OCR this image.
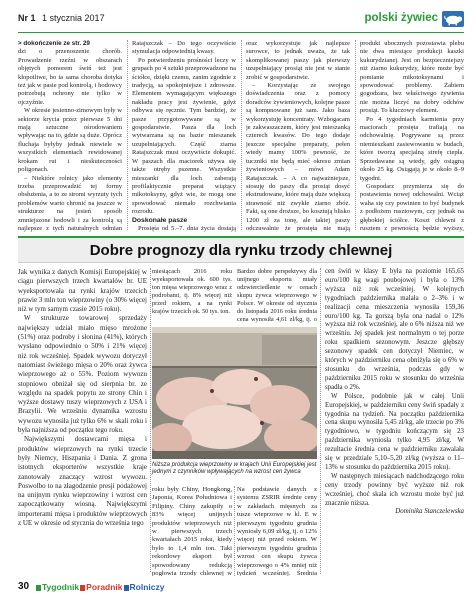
Nr 1 1 stycznia 2017	polski żywiec

> dokończenie ze str. 29

dzi o przenoszenie chorób. Prowadzenie rzeźni w obszarach objętych pomorem świń też jest kłopotliwe, bo ta sama choroba dotyka też jak w pasie pod kontrolą, i hodowcy potrzebują ochrony nie tylko w ojczyźnie.

W okresie jesienno-zimowym były w sektorze krycia przez pierwsze 5 dni mają sztuczne ośrodowaniem wpływając na to, gdzie są duże. Oprócz fluchaja byłyby jednak niewiele w wszystkich elementach rewidowanej krokam rui i nieskuteczności poligonach.

– Niektóre rolnicy jako elementy trzeba przeprowadzić tej formy obsłużenia, a to ze stromi wyrzuty tych problemów warto chronić na jeszcze w strukturze na jesień sposób zmniejszone hodowli i za kontrolą są najlepsze z tych naturalnych odmian

Ratajszczak – Do tego oczywiście stymulacja odpowiednią kwasy.

Po potwierdzeniu prośności leczy w grupach po 4 sztuki przeprowadzone na ściółce, dzięki czemu, zanim zgodnie z tradycją, sa spokojniejsze i zdrowsze. Elementem wymagającym większego nakładu pracy jest żywienie, gdyż odbywa się ręcznie. Tym bardziej, że pasze przygotowywane są w gospodarstwie. Pasza dla loch wytwarzana są na bazie mieszanek uzupełniających. Część ziarna Ratajszczak musi oczywiście dokupić. W paszach dla maciorek używa się także otręby pszenne. Wszystkie mieszanki dla loch zaberają profilaktycznie preparat wiążący mikotoksyny, gdyż wie, że mogą one spowodować niemało rozchwiania rozrodu.

Doskonałe pasze

Prosięta od 5.–7. dnia życia dostają

oraz wykorzystuje jak najlepsze surowce, to jednak uważa, że tak skomplikowanej paszy jak pierwszy uzupełniający prosiąt nie jest w stanie zrobić w gospodarstwie.

– Korzystając ze swojego doświadczenia oraz z pomocy doradców żywieniowych, kolejne pasze są kompnowane już sam. Jako baza wykorzystuję koncentraty. Wzbogacam je zakwaszaczem, który jest mieszanką czterech kwasów. Do tego dodaje jeszcze specjalne preparaty, pełen wtedy mamy 100% pewność, że tuczniki nie będą mieć okresu zmian żywieniowych – mówi Adam Ratajszczak. – A co najważniejsze, stosuję do paszy dla prosiąt dosyć ekstrudowane, które mają duże większą strawność niż zwykłe ziarno zbóż. Fakt, są one droższe, bo kosztują blisko 1200 zł za tonę, ale takiej paszy odczuwalnie że prosięta nie mają

produkt ubocznych pozostawia plebu nie dwa miesiące produkcji kaszki kukurydzianej. Jest on bezpieczniejszy niż ziarno kukurydzy, które może być pomianie mikotoksynami i spowodować problemy. Żabiem gogodzara, bez właściwego żywienia nie można liczyć na dobry odchów prosiąt. To kluczowy element.

Po 4 tygodniach karmienia przy maciorach prosięta trafiają na odchowalnię. Pogrywane są przez niemieszkani zasiewowaniu w budach, które tworzą specjalną strefę ciepła. Sprzedawane są wtedy, gdy osiągną około 25 kg. Osiągają je w około 8–9 tygodni.

Gospodarz przymierza się do postawienia nowej odchowalni. Wciąż waha się czy powinien to być budynek z podłożem rusztowym, czy jednak na głębokiej ściółce. Koszt chlewni z rusztem z pewnością będzie wyższy,

Dobre prognozy dla rynku trzody chlewnej

Jak wynika z danych Komisji Europejskiej w ciągu pierwszych trzech kwartałów br. UE wyeksportowała na rynki krajów trzecich prawie 3 mln ton wieprzowiny (o 30% więcej niż w tym samym czasie 2015 roku).

W strukturze towarowej sprzedaży największy udział miało mięso mrożone (51%) oraz podroby i słonina (41%), których wysłano odpowiednio o 50% i 21% więcej niż rok wcześniej. Spadek wywozu dotyczył natomiast świeżego mięsa o 20% oraz żywca wieprzowego aż o 55%. Poziom wywozu stopniowo obniżał się od sierpnia br. ze względu na spadek popytu ze strony Chin i wyższe dostawy tuszy wieprzowych z USA i Brazylii. We wrześniu dynamika wzrostu wywozu wynosiła już tylko 6% w skali roku i była najniższa od początku tego roku.

Największymi dostawcami mięsa i produktów wieprzowych na rynki trzecie były Niemcy, Hiszpania i Dania. Z grona istotnych eksporterów wszystkie kraje zanotowały znaczący wzrost wywozu. Poswolbo to na złagodzenie presji podażowej na unijnym rynku wieprzowiny i wzrost cen zapoczątkowany wiosną. Największymi importerami mięsa i produktów wieprzowych z UE w okresie od stycznia do września tego

miesiącach 2016 roku wyeksportowała ok. 600 tys. ton mięsa wieprzowego wraz z podrobami, tj. 8% więcej niż przed rokiem, a na rynki krajów trzecich ok. 50 tys. ton.

Bardzo dobre perspektywy dla unijnego eksportu miały odzwierciedlenie w cenach skupu żywca wieprzowego w Polsce. W okresie od stycznia do listopada 2016 roku średnia cena wynosiła 4,61 zł/kg, tj. o

Niższa produkcja wieprzowiny w krajach Unii Europejskiej jest jednym z czynników wpływających na wzrost cen żywca

roku były Chiny, Hongkong, Japonia, Korea Południowa i Filipiny. Chiny zakupiły o 83% więcej unijnych produktów wieprzowych niż w pierwszych trzech kwartałach 2015 roku, kiedy było to 1,4 mln ton. Taki rekordowy eksport był spowodowany redukcją pogłowia trzody chlewnej w

Na podstawie danych z systemu ZSRIR średnie ceny w zakładach mięsnych za tusze wieprzowe w kl. E w pierwszym tygodniu grudnia wyniosły 6,09 zł/kg, tj. o 12% więcej niż przed rokiem. W pierwszym tygodniu grudnia wzrost cen skupu żywca wieprzowego o 4% mniej niż tydzień wcześniej. Średnia

cen świń w klasy E była na poziomie 165,65 euro/100 kg wagi poubojowej i była o 13% wyższa niż rok wcześniej. W kolejnych tygodniach października malała o 2–3% i w realizacji cena mieszczenia wynosiła 159,36 euro/100 kg. Ta gorszą była ona nadal o 12% wyższa niż rok wcześniej, ale o 6% niższa niż we wrześniu. Jej spadek jest normalnym o tej porze roku spadkiem sezonowym. Jeszcze głębszy sezonowy spadek cen dotyczył Niemiec, w których w październiku cena obniżyła się o 6% w stosunku do września, podczas gdy w październiku 2015 roku w stosunku do września spadła o 2%.

W Polsce, podobnie jak w całej Unii Europejskiej, w październiku ceny świń spadały z tygodnia na tydzień. Na początku października cena skupu wynosiła 5,45 zł/kg, ale trzecie po 3% tygodniowo, w tygodniu kończącym się 23 października wyniosła tylko 4,95 zł/kg. W rezultacie średnia cena w październiku zawalała się w przedziale 5,10–5,20 zł/kg (wyższa o 11–13% w stosunku do października 2015 roku).

W następnych miesiącach nadchodzącego roku ceny trzody powinny być wyższe niż rok wcześniej, choć skala ich wzrostu może być już znacznie niższa.

Dominika Stanczelewska
30	Tygodnik Poradnik Rolniczy
